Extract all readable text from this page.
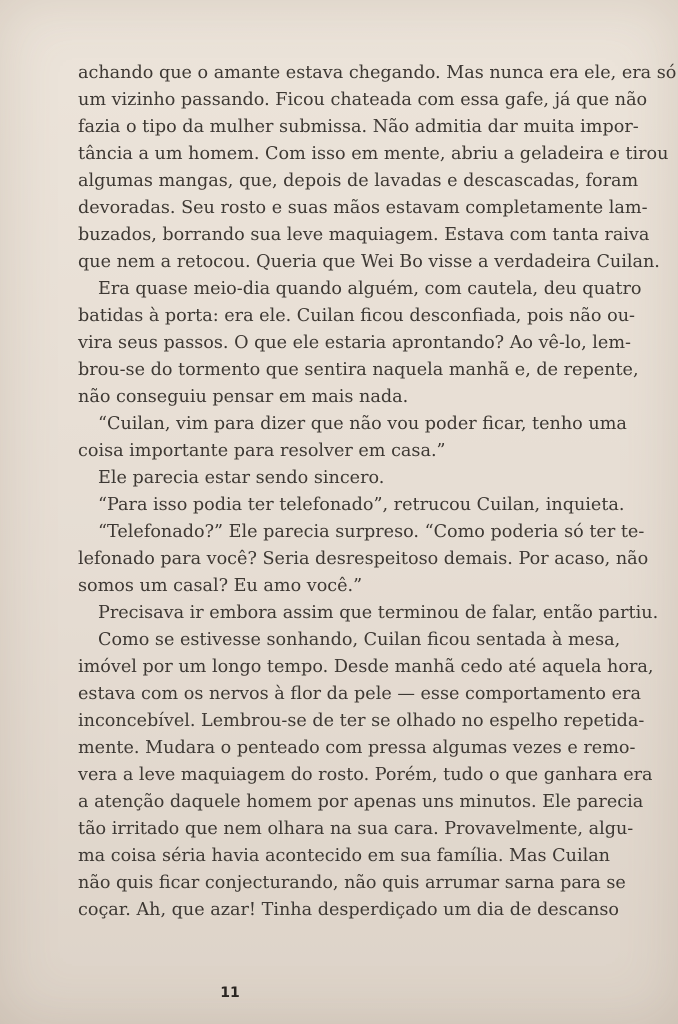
achando que o amante estava chegando. Mas nunca era ele, era só
um vizinho passando. Ficou chateada com essa gafe, já que não
fazia o tipo da mulher submissa. Não admitia dar muita impor-
tância a um homem. Com isso em mente, abriu a geladeira e tirou
algumas mangas, que, depois de lavadas e descascadas, foram
devoradas. Seu rosto e suas mãos estavam completamente lam-
buzados, borrando sua leve maquiagem. Estava com tanta raiva
que nem a retocou. Queria que Wei Bo visse a verdadeira Cuilan.
Era quase meio-dia quando alguém, com cautela, deu quatro
batidas à porta: era ele. Cuilan ficou desconfiada, pois não ou-
vira seus passos. O que ele estaria aprontando? Ao vê-lo, lem-
brou-se do tormento que sentira naquela manhã e, de repente,
não conseguiu pensar em mais nada.
“Cuilan, vim para dizer que não vou poder ficar, tenho uma
coisa importante para resolver em casa.”
Ele parecia estar sendo sincero.
“Para isso podia ter telefonado”, retrucou Cuilan, inquieta.
“Telefonado?” Ele parecia surpreso. “Como poderia só ter te-
lefonado para você? Seria desrespeitoso demais. Por acaso, não
somos um casal? Eu amo você.”
Precisava ir embora assim que terminou de falar, então partiu.
Como se estivesse sonhando, Cuilan ficou sentada à mesa,
imóvel por um longo tempo. Desde manhã cedo até aquela hora,
estava com os nervos à flor da pele — esse comportamento era
inconcebível. Lembrou-se de ter se olhado no espelho repetida-
mente. Mudara o penteado com pressa algumas vezes e remo-
vera a leve maquiagem do rosto. Porém, tudo o que ganhara era
a atenção daquele homem por apenas uns minutos. Ele parecia
tão irritado que nem olhara na sua cara. Provavelmente, algu-
ma coisa séria havia acontecido em sua família. Mas Cuilan
não quis ficar conjecturando, não quis arrumar sarna para se
coçar. Ah, que azar! Tinha desperdiçado um dia de descanso
11
